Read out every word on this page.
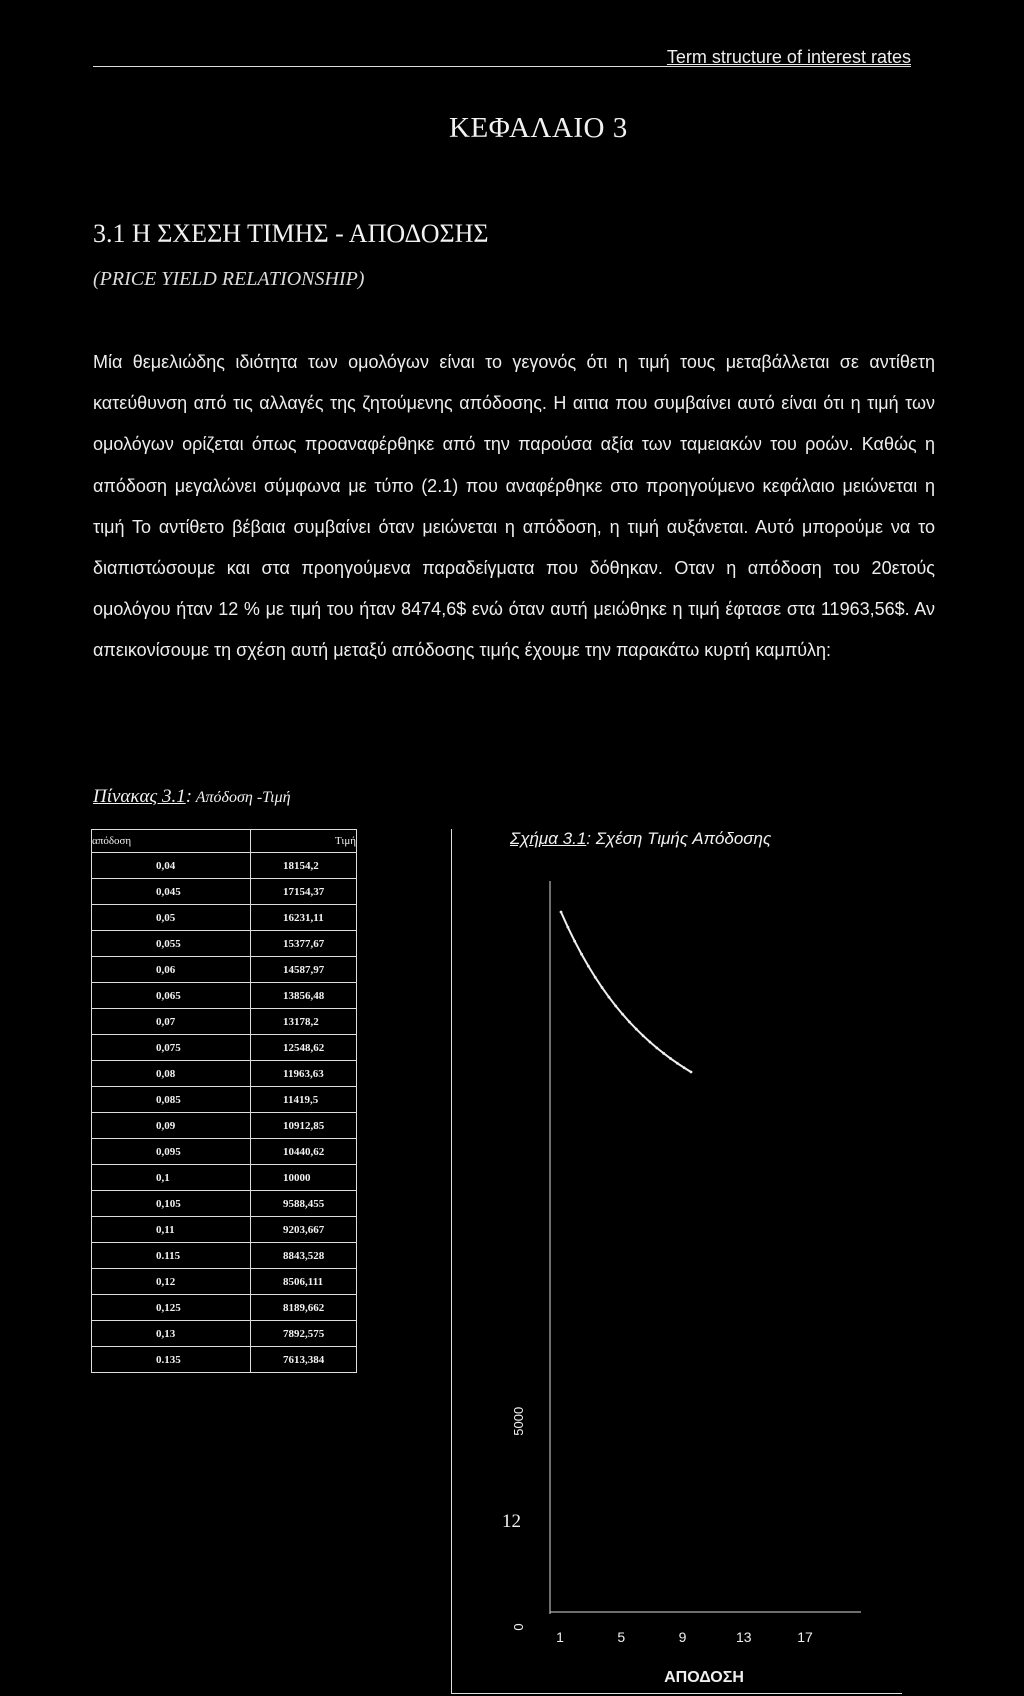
Term structure of interest rates
ΚΕΦΑΛΑΙΟ 3
3.1 Η ΣΧΕΣΗ ΤΙΜΗΣ - ΑΠΟΔΟΣΗΣ
(PRICE YIELD RELATIONSHIP)
Μία θεμελιώδης ιδιότητα των ομολόγων είναι το γεγονός ότι η τιμή τους μεταβάλλεται σε αντίθετη κατεύθυνση από τις αλλαγές της ζητούμενης απόδοσης. Η αιτια που συμβαίνει αυτό είναι ότι η τιμή των ομολόγων ορίζεται όπως προαναφέρθηκε από την παρούσα αξία των ταμειακών του ροών. Καθώς η απόδοση μεγαλώνει σύμφωνα με τύπο (2.1) που αναφέρθηκε στο προηγούμενο κεφάλαιο μειώνεται η τιμή Το αντίθετο βέβαια συμβαίνει όταν μειώνεται η απόδοση, η τιμή αυξάνεται. Αυτό μπορούμε να το διαπιστώσουμε και στα προηγούμενα παραδείγματα που δόθηκαν. Οταν η απόδοση του 20ετούς ομολόγου ήταν 12 % με τιμή του ήταν 8474,6$ ενώ όταν αυτή μειώθηκε η τιμή έφτασε στα 11963,56$. Αν απεικονίσουμε τη σχέση αυτή μεταξύ απόδοσης τιμής έχουμε την παρακάτω κυρτή καμπύλη:
Πίνακας 3.1: Απόδοση -Τιμή
απόδοση	Τιμή
0,04	18154,2
0,045	17154,37
0,05	16231,11
0,055	15377,67
0,06	14587,97
0,065	13856,48
0,07	13178,2
0,075	12548,62
0,08	11963,63
0,085	11419,5
0,09	10912,85
0,095	10440,62
0,1	10000
0,105	9588,455
0,11	9203,667
0.115	8843,528
0,12	8506,111
0,125	8189,662
0,13	7892,575
0.135	7613,384
Σχήμα 3.1: Σχέση Τιμής Απόδοσης
0
5000
1	5	9	13	17
ΑΠΟΔΟΣΗ
12
